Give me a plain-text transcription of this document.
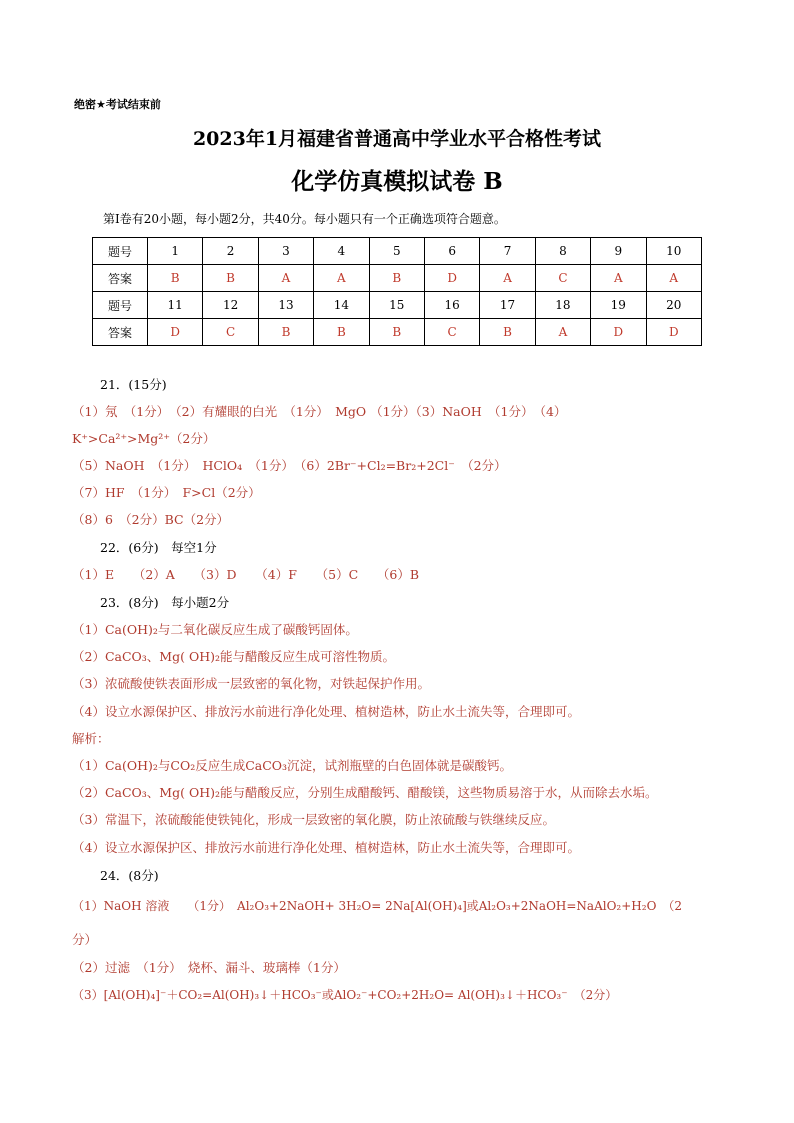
绝密★考试结束前
2023年1月福建省普通高中学业水平合格性考试
化学仿真模拟试卷 B
第Ⅰ卷有20小题，每小题2分，共40分。每小题只有一个正确选项符合题意。
题号	1	2	3	4	5	6	7	8	9	10
答案	B	B	A	A	B	D	A	C	A	A
题号	11	12	13	14	15	16	17	18	19	20
答案	D	C	B	B	B	C	B	A	D	D
21．(15分)
（1）氖　（1分）　（2）有耀眼的白光　（1分）　MgO （1分）（3）NaOH　（1分）　（4）
K⁺>Ca²⁺>Mg²⁺（2分）
（5）NaOH　（1分）　HClO₄　（1分）　（6）2Br⁻+Cl₂=Br₂+2Cl⁻　（2分）
（7）HF　（1分）　F>Cl（2分）
（8）6　（2分）BC（2分）
22．(6分)　每空1分
（1）E　　（2）A　　（3）D　　（4）F　　（5）C　　（6）B
23．(8分)　每小题2分
（1）Ca(OH)₂与二氧化碳反应生成了碳酸钙固体。
（2）CaCO₃、Mg( OH)₂能与醋酸反应生成可溶性物质。
（3）浓硫酸使铁表面形成一层致密的氧化物，对铁起保护作用。
（4）设立水源保护区、排放污水前进行净化处理、植树造林，防止水土流失等，合理即可。
解析：
（1）Ca(OH)₂与CO₂反应生成CaCO₃沉淀，试剂瓶壁的白色固体就是碳酸钙。
（2）CaCO₃、Mg( OH)₂能与醋酸反应，分别生成醋酸钙、醋酸镁，这些物质易溶于水，从而除去水垢。
（3）常温下，浓硫酸能使铁钝化，形成一层致密的氧化膜，防止浓硫酸与铁继续反应。
（4）设立水源保护区、排放污水前进行净化处理、植树造林，防止水土流失等，合理即可。
24．(8分)
（1）NaOH 溶液　　（1分）　Al₂O₃+2NaOH+ 3H₂O= 2Na[Al(OH)₄]或Al₂O₃+2NaOH=NaAlO₂+H₂O　（2
分）
（2）过滤　（1分）　烧杯、漏斗、玻璃棒（1分）
（3）[Al(OH)₄]⁻＋CO₂=Al(OH)₃↓＋HCO₃⁻或AlO₂⁻+CO₂+2H₂O= Al(OH)₃↓＋HCO₃⁻　（2分）
